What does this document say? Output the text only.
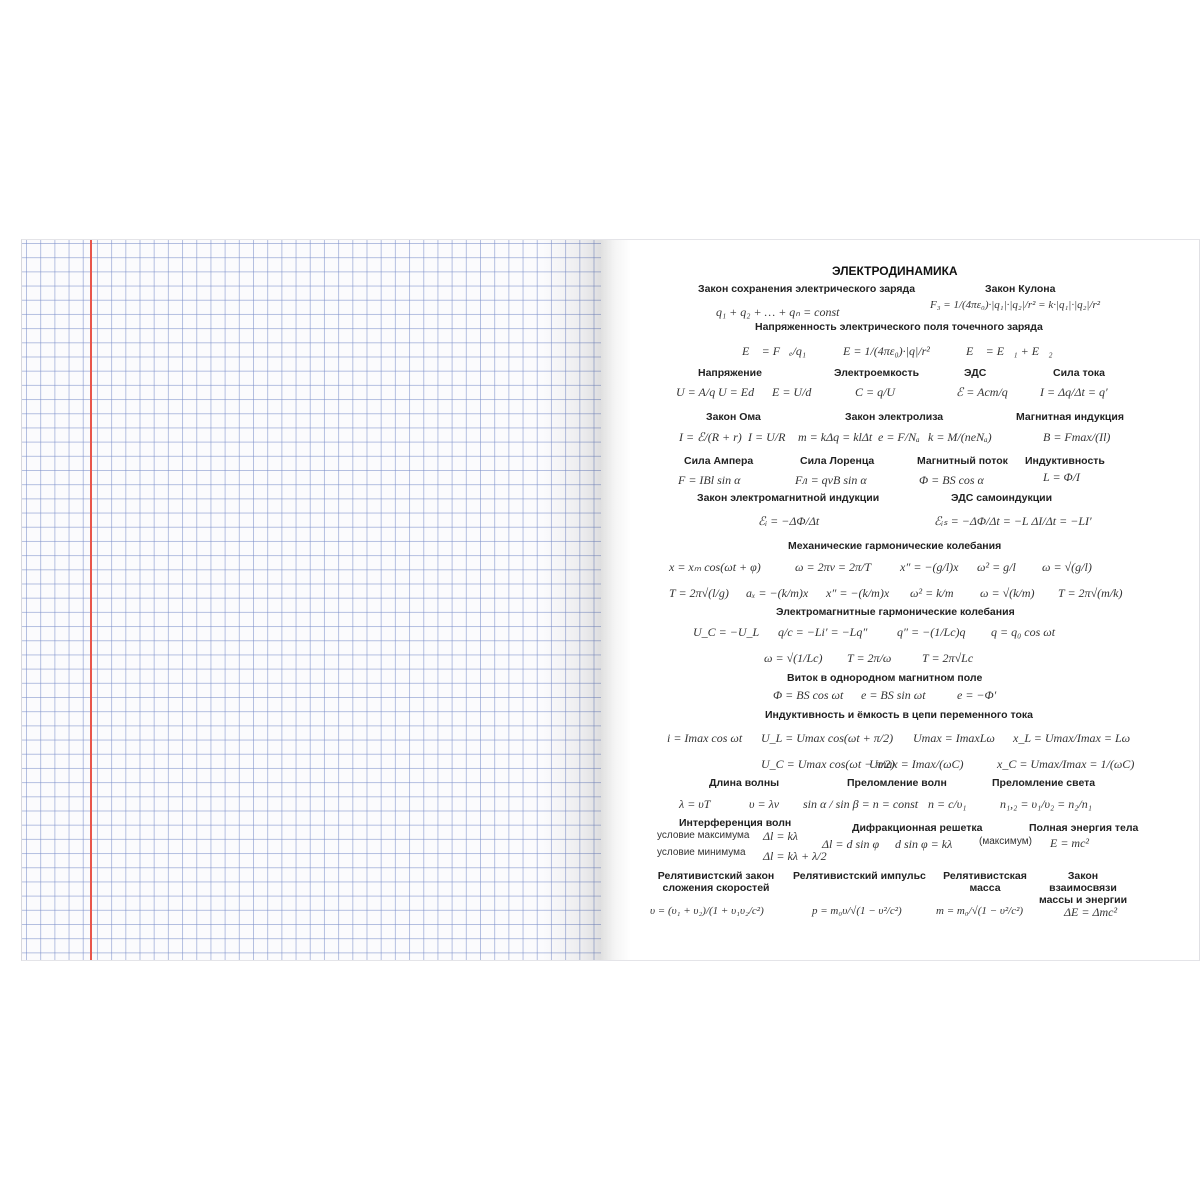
ЭЛЕКТРОДИНАМИКА
Закон сохранения электрического заряда
q₁ + q₂ + … + qₙ = const
Закон Кулона
F₃ = 1/(4πε₀)·|q₁|·|q₂|/r² = k·|q₁|·|q₂|/r²
Напряженность электрического поля точечного заряда
E⃗ = F⃗ₑ/q₁	E = 1/(4πε₀)·|q|/r²	E⃗ = E⃗₁ + E⃗₂
Напряжение
U = A/q U = Ed E = U/d
Электроемкость
C = q/U
ЭДС
ℰ = Aст/q
Сила тока
I = Δq/Δt = q′
Закон Ома
I = ℰ/(R + r) I = U/R
Закон электролиза
m = kΔq = klΔt e = F/Nₐ k = M/(neNₐ)
Магнитная индукция
B = Fmax/(Il)
Сила Ампера
F = IBl sin α
Сила Лоренца
Fл = qvB sin α
Магнитный поток
Φ = BS cos α
Индуктивность
L = Φ/I
Закон электромагнитной индукции
ℰᵢ = −ΔΦ/Δt
ЭДС самоиндукции
ℰᵢₛ = −ΔΦ/Δt = −L ΔI/Δt = −LI′
Механические гармонические колебания
x = xₘ cos(ωt + φ)	ω = 2πν = 2π/T x″ = −(g/l)x ω² = g/l ω = √(g/l)
T = 2π√(l/g) aₓ = −(k/m)x x″ = −(k/m)x ω² = k/m ω = √(k/m) T = 2π√(m/k)
Электромагнитные гармонические колебания
U_C = −U_L q/c = −Li′ = −Lq″ q″ = −(1/Lc)q q = q₀ cos ωt
ω = √(1/Lc) T = 2π/ω	T = 2π√Lc
Виток в однородном магнитном поле
Φ = BS cos ωt e = BS sin ωt	e = −Φ′
Индуктивность и ёмкость в цепи переменного тока
i = Imax cos ωt U_L = Umax cos(ωt + π/2) Umax = ImaxLω x_L = Umax/Imax = Lω
U_C = Umax cos(ωt − π/2)
Umax = Imax/(ωC)	x_C = Umax/Imax = 1/(ωC)
Длина волны
λ = υT	υ = λν
Преломление волн
sin α / sin β = n = const n = c/υ₁
Преломление света
n₁,₂ = υ₁/υ₂ = n₂/n₁
Интерференция волн
условие максимума Δl = kλ
условие минимума Δl = kλ + λ/2
Дифракционная решетка
Δl = d sin φ d sin φ = kλ	(максимум)
Полная энергия тела
E = mc²
Релятивистский закон сложения скоростей
υ = (υ₁ + υ₂)/(1 + υ₁υ₂/c²)
Релятивистский импульс
p = m₀υ/√(1 − υ²/c²)
Релятивистская масса
m = m₀/√(1 − υ²/c²)
Закон взаимосвязи массы и энергии
ΔE = Δmc²
